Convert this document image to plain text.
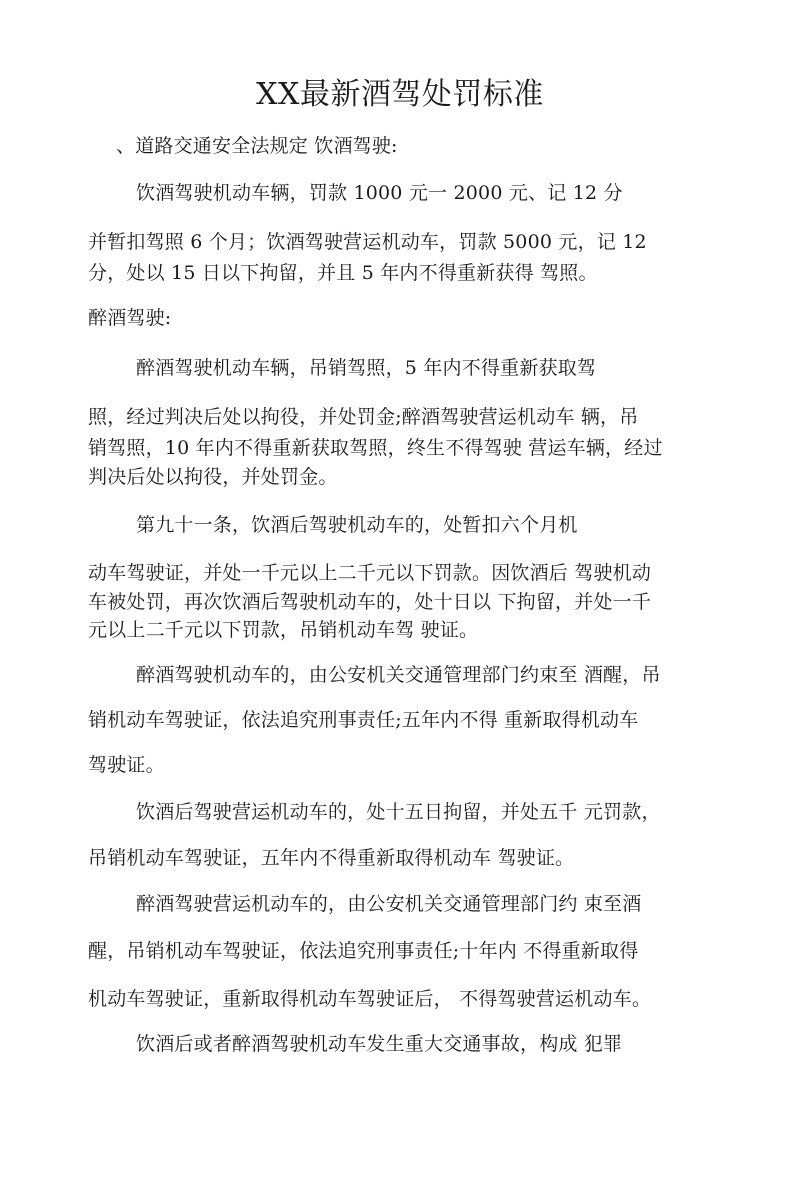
XX最新酒驾处罚标准
、道路交通安全法规定 饮酒驾驶:
饮酒驾驶机动车辆，罚款 1000 元一 2000 元、记 12 分
并暂扣驾照 6 个月；饮酒驾驶营运机动车，罚款 5000 元，记 12
分，处以 15 日以下拘留，并且 5 年内不得重新获得 驾照。
醉酒驾驶:
醉酒驾驶机动车辆，吊销驾照，5 年内不得重新获取驾
照，经过判决后处以拘役，并处罚金;醉酒驾驶营运机动车 辆，吊
销驾照，10 年内不得重新获取驾照，终生不得驾驶 营运车辆，经过
判决后处以拘役，并处罚金。
第九十一条，饮酒后驾驶机动车的，处暂扣六个月机
动车驾驶证，并处一千元以上二千元以下罚款。因饮酒后 驾驶机动
车被处罚，再次饮酒后驾驶机动车的，处十日以 下拘留，并处一千
元以上二千元以下罚款，吊销机动车驾 驶证。
醉酒驾驶机动车的，由公安机关交通管理部门约束至 酒醒，吊
销机动车驾驶证，依法追究刑事责任;五年内不得 重新取得机动车
驾驶证。
饮酒后驾驶营运机动车的，处十五日拘留，并处五千 元罚款，
吊销机动车驾驶证，五年内不得重新取得机动车 驾驶证。
醉酒驾驶营运机动车的，由公安机关交通管理部门约 束至酒
醒，吊销机动车驾驶证，依法追究刑事责任;十年内 不得重新取得
机动车驾驶证，重新取得机动车驾驶证后， 不得驾驶营运机动车。
饮酒后或者醉酒驾驶机动车发生重大交通事故，构成 犯罪
